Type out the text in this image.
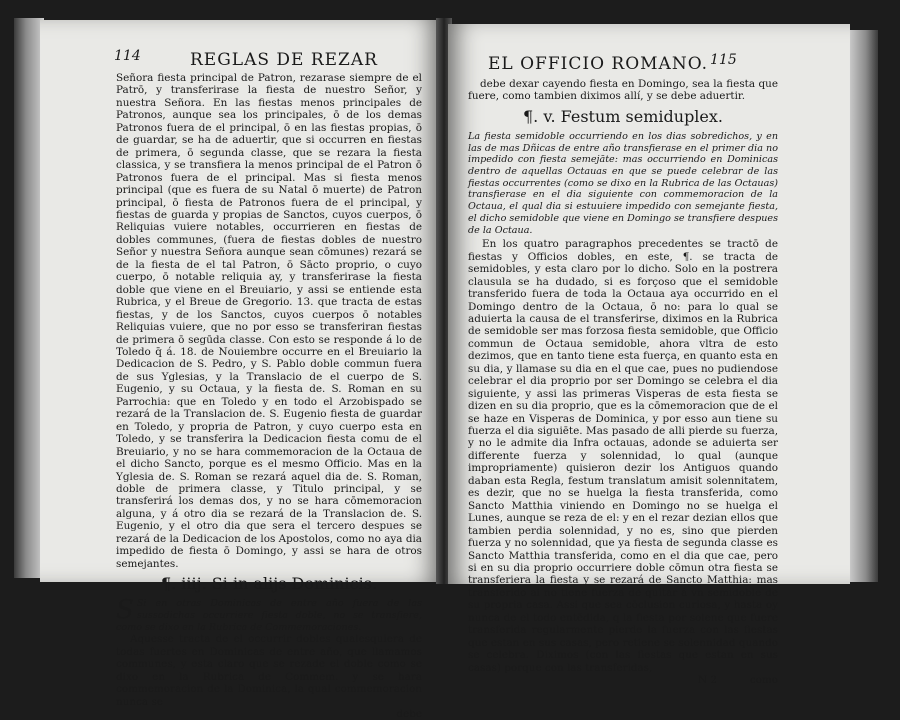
114	REGLAS DE REZAR

Señora fiesta principal de Patron, rezarase siempre de el Patrō, y transferirase la fiesta de nuestro Señor, y nuestra Señora. En las fiestas menos principales de Patronos, aunque sea los principales, ō de los demas Patronos fuera de el principal, ō en las fiestas propias, ō de guardar, se ha de aduertir, que si occurren en fiestas de primera, ō segunda classe, que se rezara la fiesta classica, y se transfiera la menos principal de el Patron ō Patronos fuera de el principal. Mas si fiesta menos principal (que es fuera de su Natal ō muerte) de Patron principal, ō fiesta de Patronos fuera de el principal, y fiestas de guarda y propias de Sanctos, cuyos cuerpos, ō Reliquias vuiere notables, occurrieren en fiestas de dobles communes, (fuera de fiestas dobles de nuestro Señor y nuestra Señora aunque sean cōmunes) rezará se de la fiesta de el tal Patron, ō Sācto proprio, o cuyo cuerpo, ō notable reliquia ay, y transferirase la fiesta doble que viene en el Breuiario, y assi se entiende esta Rubrica, y el Breue de Gregorio. 13. que tracta de estas fiestas, y de los Sanctos, cuyos cuerpos ō notables Reliquias vuiere, que no por esso se transferiran fiestas de primera ō segūda classe. Con esto se responde á lo de Toledo q̄ á. 18. de Nouiembre occurre en el Breuiario la Dedicacion de S. Pedro, y S. Pablo doble commun fuera de sus Yglesias, y la Translacio de el cuerpo de S. Eugenio, y su Octaua, y la fiesta de. S. Roman en su Parrochia: que en Toledo y en todo el Arzobispado se rezará de la Translacion de. S. Eugenio fiesta de guardar en Toledo, y propria de Patron, y cuyo cuerpo esta en Toledo, y se transferira la Dedicacion fiesta comu de el Breuiario, y no se hara commemoracion de la Octaua de el dicho Sancto, porque es el mesmo Officio. Mas en la Yglesia de. S. Roman se rezará aquel dia de. S. Roman, doble de primera classe, y Titulo principal, y se transferirá los demas dos, y no se hara cōmemoracion alguna, y á otro dia se rezará de la Translacion de. S. Eugenio, y el otro dia que sera el tercero despues se rezará de la Dedicacion de los Apostolos, como no aya dia impedido de fiesta ō Domingo, y assi se hara de otros semejantes.

¶. iiij. Si in alijs Dominicis.

S Si en otras Dominicas de entre año fuera de las sussodichas occurriere fiesta doble, no se transfiere, como se dixo en la Rubrica de Commemoraciones.

Aquesse tracta de el occurrir dobles qualesquiera de todas fuertes en Dominicas de entre año, que llamamos communes, y esta claro que se rezade el doble como se dixo en la Rubrica de Commem. y se hara commemoracion de la Dominica, la qual commemoracion nunca se

debe
EL OFFICIO ROMANO. 115

debe dexar cayendo fiesta en Domingo, sea la fiesta que fuere, como tambien diximos allí, y se debe aduertir.

¶. v. Festum semiduplex.

La fiesta semidoble occurriendo en los dias sobredichos, y en las de mas Dñicas de entre año transfierase en el primer dia no impedido con fiesta semejāte: mas occurriendo en Dominicas dentro de aquellas Octauas en que se puede celebrar de las fiestas occurrentes (como se dixo en la Rubrica de las Octauas) transfierase en el dia siguiente con commemoracion de la Octaua, el qual dia si estuuiere impedido con semejante fiesta, el dicho semidoble que viene en Domingo se transfiere despues de la Octaua.

En los quatro paragraphos precedentes se tractō de fiestas y Officios dobles, en este, ¶. se tracta de semidobles, y esta claro por lo dicho. Solo en la postrera clausula se ha dudado, si es forçoso que el semidoble transferido fuera de toda la Octaua aya occurrido en el Domingo dentro de la Octaua, ō no: para lo qual se aduierta la causa de el transferirse, diximos en la Rubrica de semidoble ser mas forzosa fiesta semidoble, que Officio commun de Octaua semidoble, ahora vltra de esto dezimos, que en tanto tiene esta fuerça, en quanto esta en su dia, y llamase su dia en el que cae, pues no pudiendose celebrar el dia proprio por ser Domingo se celebra el dia siguiente, y assi las primeras Visperas de esta fiesta se dizen en su dia proprio, que es la cōmemoracion que de el se haze en Visperas de Dominica, y por esso aun tiene su fuerza el dia siguiēte. Mas pasado de alli pierde su fuerza, y no le admite dia Infra octauas, adonde se aduierta ser differente fuerza y solennidad, lo qual (aunque impropriamente) quisieron dezir los Antiguos quando daban esta Regla, festum translatum amisit solennitatem, es dezir, que no se huelga la fiesta transferida, como Sancto Matthia viniendo en Domingo no se huelga el Lunes, aunque se reza de el: y en el rezar dezian ellos que tambien perdia solennidad, y no es, sino que pierden fuerza y no solennidad, que ya fiesta de segunda classe es Sancto Matthia transferida, como en el dia que cae, pero si en su dia proprio occurriere doble cōmun otra fiesta se transferiera la fiesta y se rezará de Sancto Matthia: mas transferido ai no tiene fuerza de quitar á vn semidoble de su propria casa. Assi que sea cōclusion curiosa, y hasta oy nunca de el todo entēdida, q la fiesta por solene que fuere transferida regularmente pierde la fuerza con las fiestas que estan en sus casas, pero retiene se solennidad quando se celebra. Diximos (con las fiestas que estan en sus casas) porque con las transferidas,

N 2	como
